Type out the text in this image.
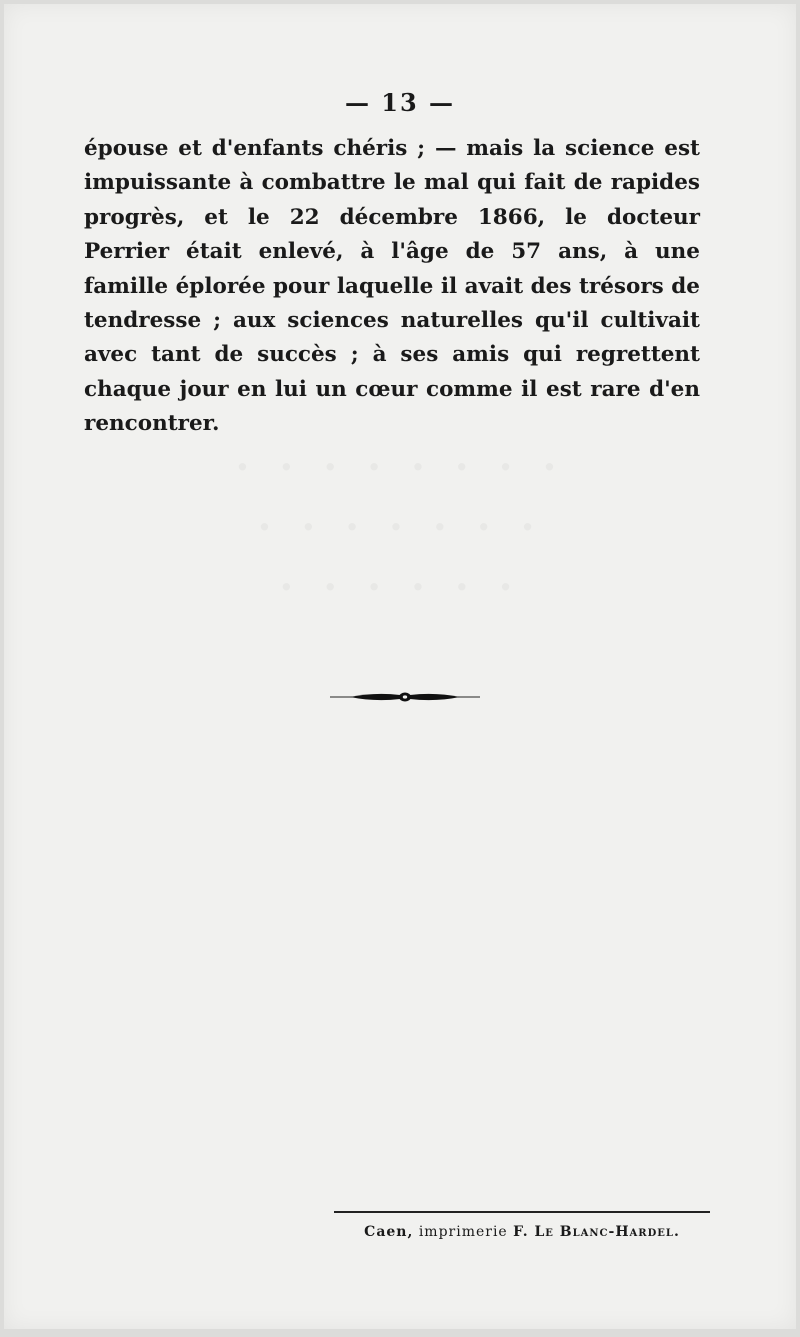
— 13 —

épouse et d'enfants chéris ; — mais la science est impuissante à combattre le mal qui fait de rapides progrès, et le 22 décembre 1866, le docteur Perrier était enlevé, à l'âge de 57 ans, à une famille éplorée pour laquelle il avait des trésors de tendresse ; aux sciences naturelles qu'il cultivait avec tant de succès ; à ses amis qui regrettent chaque jour en lui un cœur comme il est rare d'en rencontrer.

Caen, imprimerie F. Le Blanc-Hardel.
